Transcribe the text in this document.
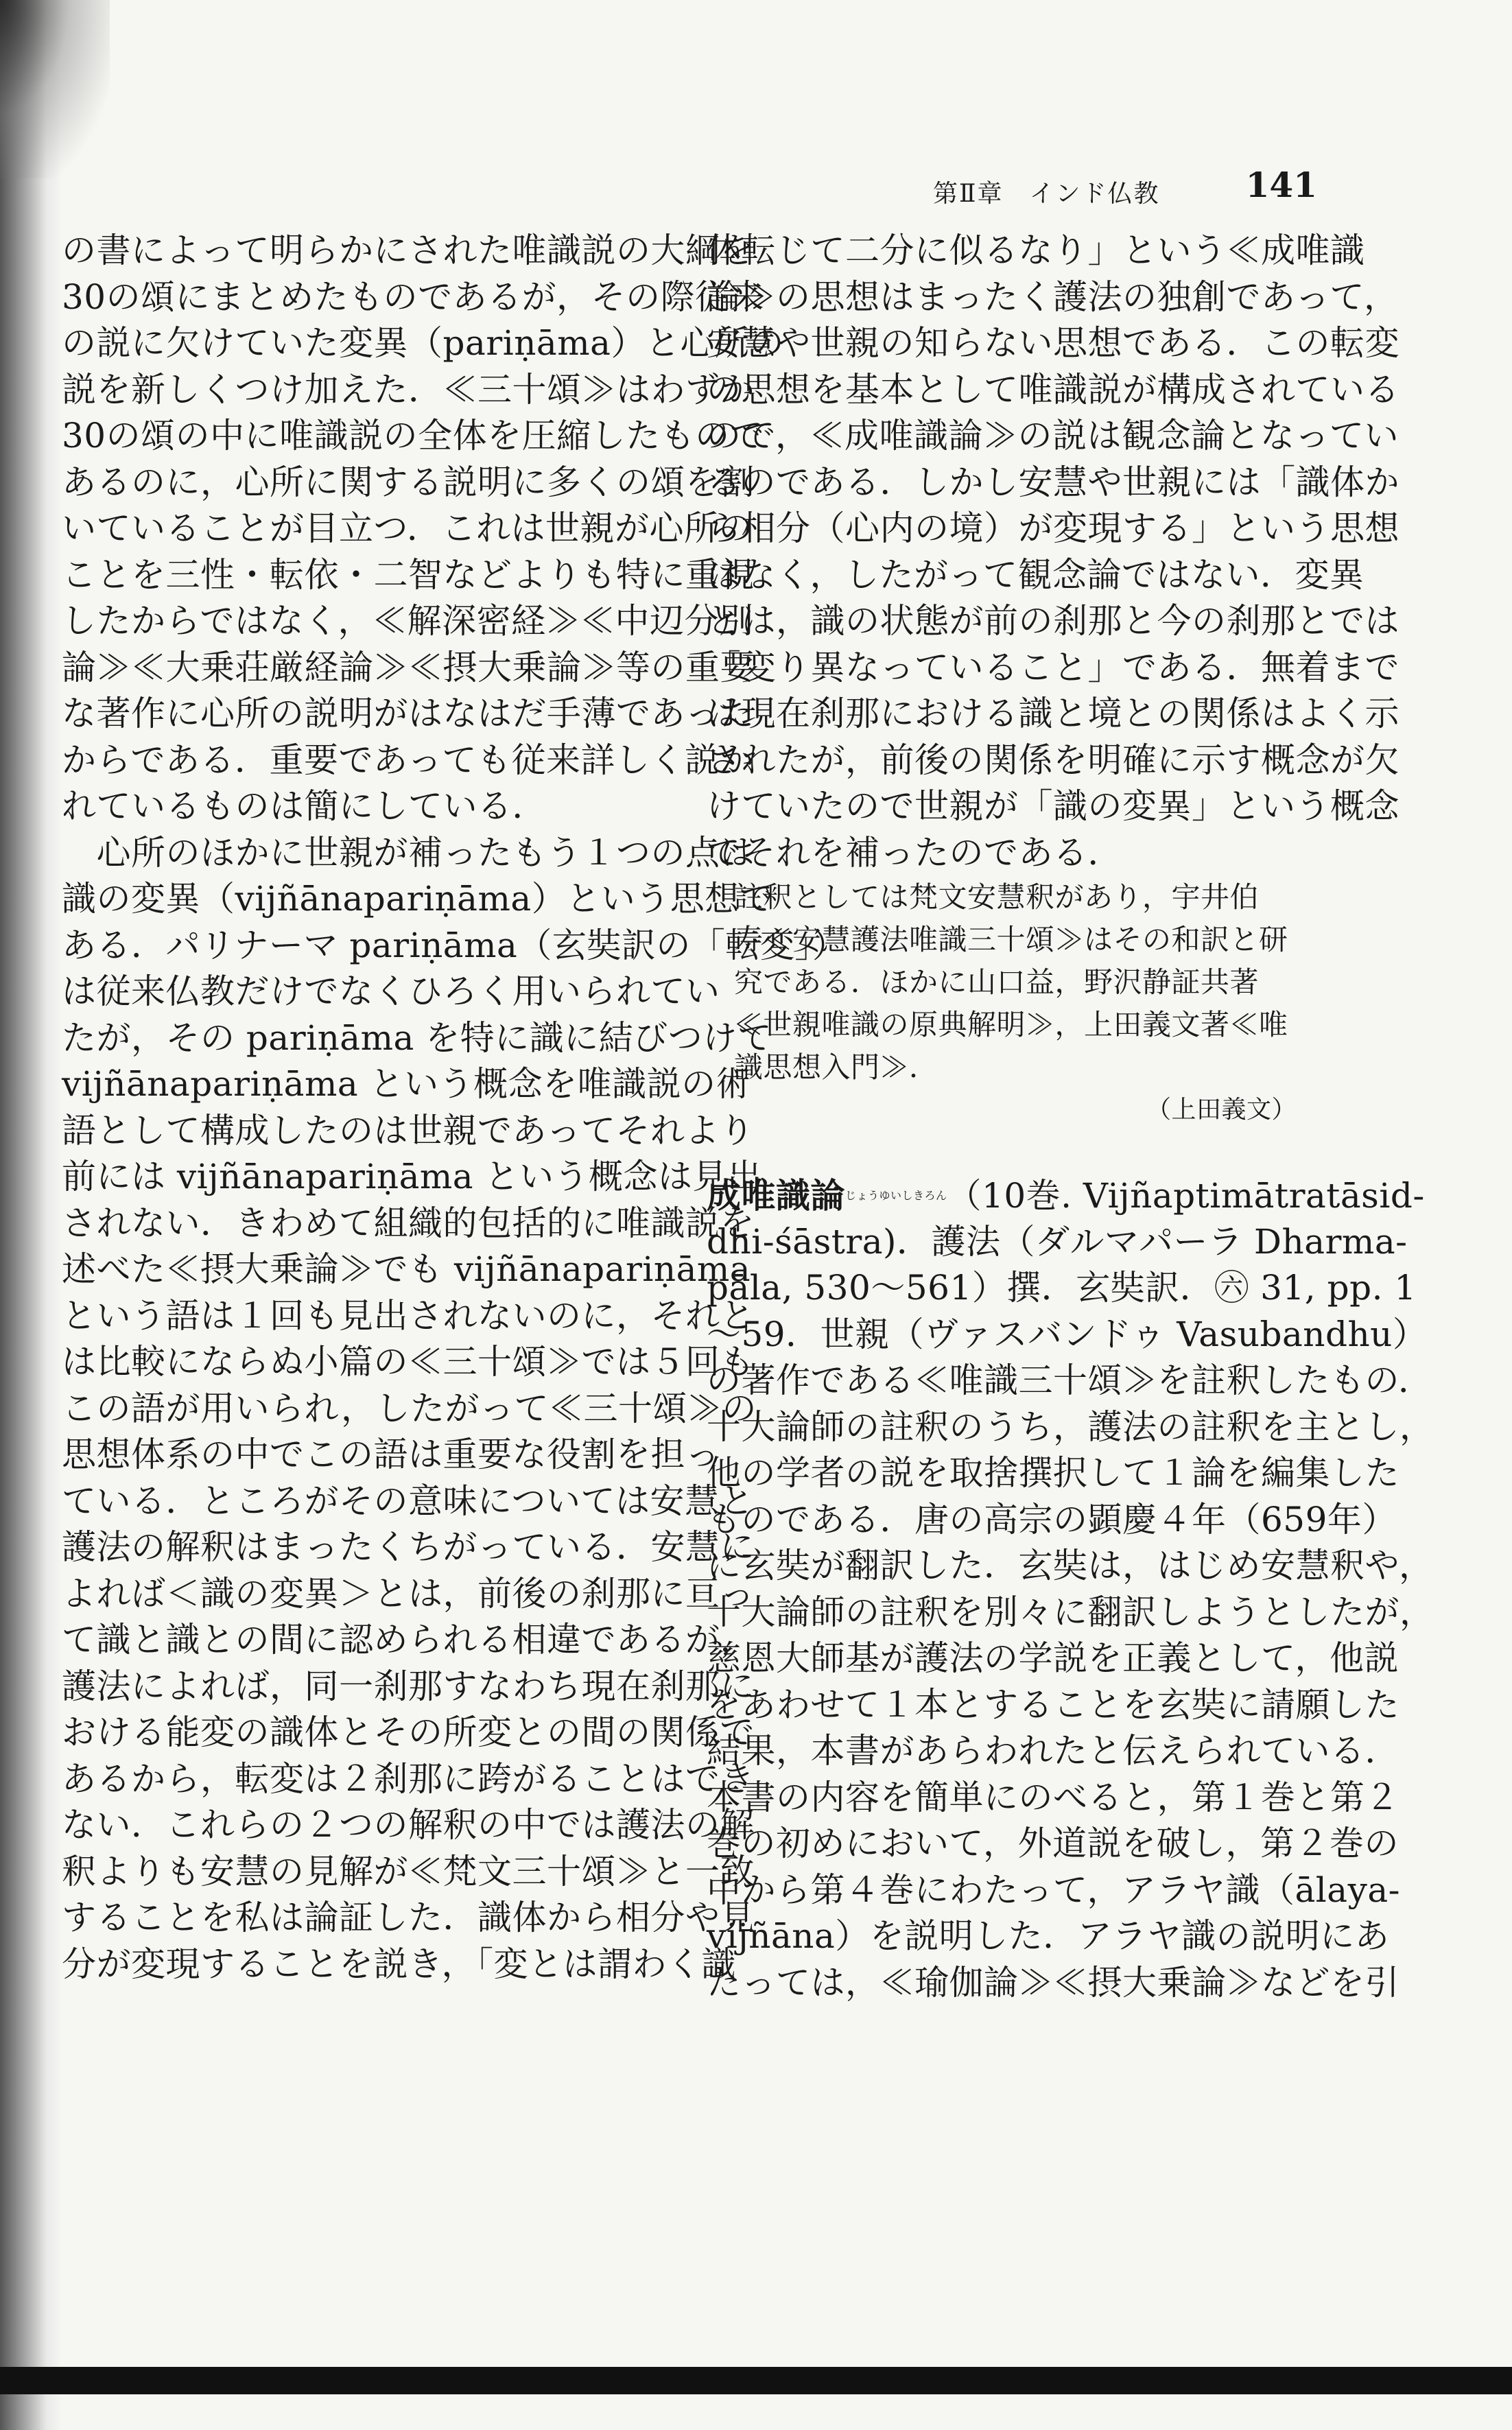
第Ⅱ章　インド仏教	141
の書によって明らかにされた唯識説の大綱を
30の頌にまとめたものであるが，その際従来
の説に欠けていた変異（pariṇāma）と心所の
説を新しくつけ加えた．≪三十頌≫はわずか
30の頌の中に唯識説の全体を圧縮したもので
あるのに，心所に関する説明に多くの頌を割
いていることが目立つ．これは世親が心所の
ことを三性・転依・二智などよりも特に重視
したからではなく，≪解深密経≫≪中辺分別
論≫≪大乗荘厳経論≫≪摂大乗論≫等の重要
な著作に心所の説明がはなはだ手薄であった
からである．重要であっても従来詳しく説か
れているものは簡にしている．
　心所のほかに世親が補ったもう１つの点は
識の変異（vijñānapariṇāma）という思想で
ある．パリナーマ pariṇāma（玄奘訳の「転変」）
は従来仏教だけでなくひろく用いられてい
たが，その pariṇāma を特に識に結びつけて
vijñānapariṇāma という概念を唯識説の術
語として構成したのは世親であってそれより
前には vijñānapariṇāma という概念は見出
されない．きわめて組織的包括的に唯識説を
述べた≪摂大乗論≫でも vijñānapariṇāma
という語は１回も見出されないのに，それと
は比較にならぬ小篇の≪三十頌≫では５回も
この語が用いられ，したがって≪三十頌≫の
思想体系の中でこの語は重要な役割を担っ
ている．ところがその意味については安慧と
護法の解釈はまったくちがっている．安慧に
よれば＜識の変異＞とは，前後の刹那に亘っ
て識と識との間に認められる相違であるが，
護法によれば，同一刹那すなわち現在刹那に
おける能変の識体とその所変との間の関係で
あるから，転変は２刹那に跨がることはでき
ない．これらの２つの解釈の中では護法の解
釈よりも安慧の見解が≪梵文三十頌≫と一致
することを私は論証した．識体から相分や見
分が変現することを説き，「変とは謂わく識
体転じて二分に似るなり」という≪成唯識
論≫の思想はまったく護法の独創であって，
安慧や世親の知らない思想である．この転変
の思想を基本として唯識説が構成されている
ので，≪成唯識論≫の説は観念論となってい
るのである．しかし安慧や世親には「識体か
ら相分（心内の境）が変現する」という思想
はなく，したがって観念論ではない．変異
とは，識の状態が前の刹那と今の刹那とでは
「変り異なっていること」である．無着まで
は現在刹那における識と境との関係はよく示
されたが，前後の関係を明確に示す概念が欠
けていたので世親が「識の変異」という概念
でそれを補ったのである．
註釈としては梵文安慧釈があり，宇井伯
寿≪安慧護法唯識三十頌≫はその和訳と研
究である．ほかに山口益，野沢静証共著
≪世親唯識の原典解明≫，上田義文著≪唯
識思想入門≫．
（上田義文）
成唯識論$^{じょうゆいしきろん}$（10巻. Vijñaptimātratāsid-
dhi-śāstra)．護法（ダルマパーラ Dharma-
pāla, 530～561）撰．玄奘訳．㊅ 31, pp. 1
～59．世親（ヴァスバンドゥ Vasubandhu）
の著作である≪唯識三十頌≫を註釈したもの．
十大論師の註釈のうち，護法の註釈を主とし，
他の学者の説を取捨撰択して１論を編集した
ものである．唐の高宗の顕慶４年（659年）
に玄奘が翻訳した．玄奘は，はじめ安慧釈や，
十大論師の註釈を別々に翻訳しようとしたが，
慈恩大師基が護法の学説を正義として，他説
をあわせて１本とすることを玄奘に請願した
結果，本書があらわれたと伝えられている．
本書の内容を簡単にのべると，第１巻と第２
巻の初めにおいて，外道説を破し，第２巻の
中から第４巻にわたって，アラヤ識（ālaya-
vijñāna）を説明した．アラヤ識の説明にあ
たっては，≪瑜伽論≫≪摂大乗論≫などを引
